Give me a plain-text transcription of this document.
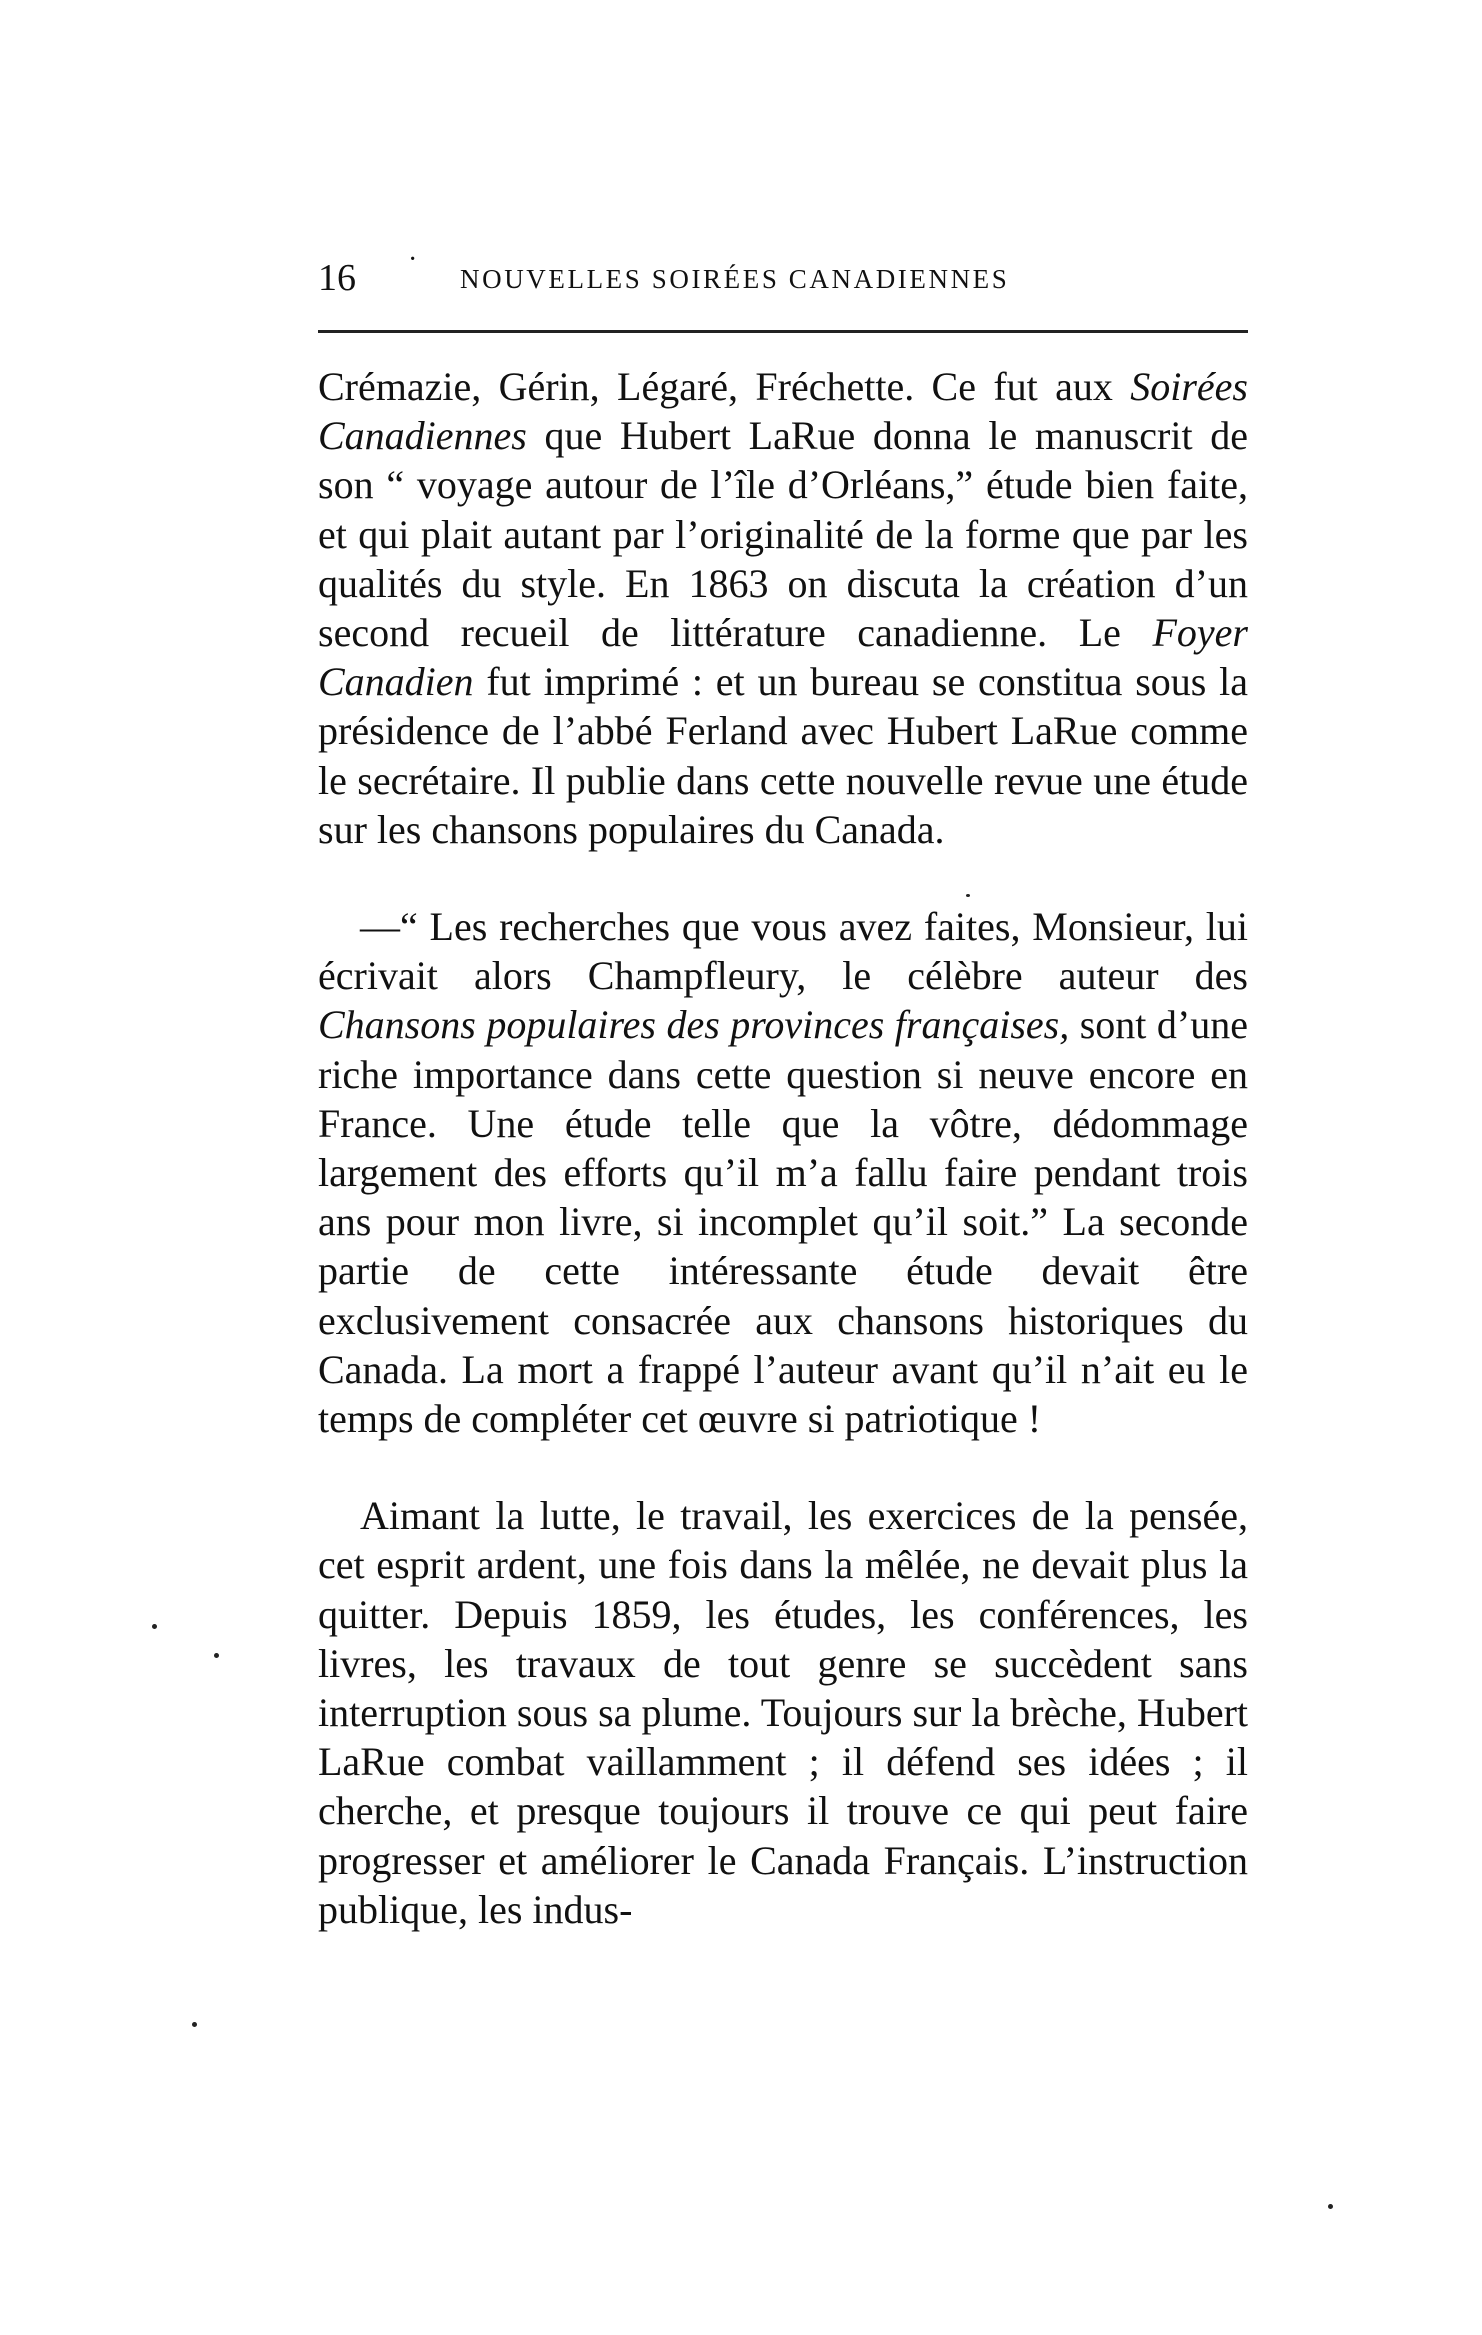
16 ·
NOUVELLES SOIRÉES CANADIENNES

Crémazie, Gérin, Légaré, Fréchette. Ce fut aux Soirées Canadiennes que Hubert LaRue donna le manuscrit de son “ voyage autour de l’île d’Orléans,” étude bien faite, et qui plait autant par l’originalité de la forme que par les qualités du style. En 1863 on discuta la création d’un second recueil de littérature canadienne. Le Foyer Canadien fut imprimé : et un bureau se constitua sous la présidence de l’abbé Ferland avec Hubert LaRue comme le secrétaire. Il publie dans cette nouvelle revue une étude sur les chansons populaires du Canada.

—“ Les recherches que vous avez faites, Monsieur, lui écrivait alors Champfleury, le célèbre auteur des Chansons populaires des provinces françaises, sont d’une riche importance dans cette question si neuve encore en France. Une étude telle que la vôtre, dédommage largement des efforts qu’il m’a fallu faire pendant trois ans pour mon livre, si incomplet qu’il soit.” La seconde partie de cette intéressante étude devait être exclusivement consacrée aux chansons historiques du Canada. La mort a frappé l’auteur avant qu’il n’ait eu le temps de compléter cet œuvre si patriotique !

Aimant la lutte, le travail, les exercices de la pensée, cet esprit ardent, une fois dans la mêlée, ne devait plus la quitter. Depuis 1859, les études, les conférences, les livres, les travaux de tout genre se succèdent sans interruption sous sa plume. Toujours sur la brèche, Hubert LaRue combat vaillamment ; il défend ses idées ; il cherche, et presque toujours il trouve ce qui peut faire progresser et améliorer le Canada Français. L’instruction publique, les indus-
